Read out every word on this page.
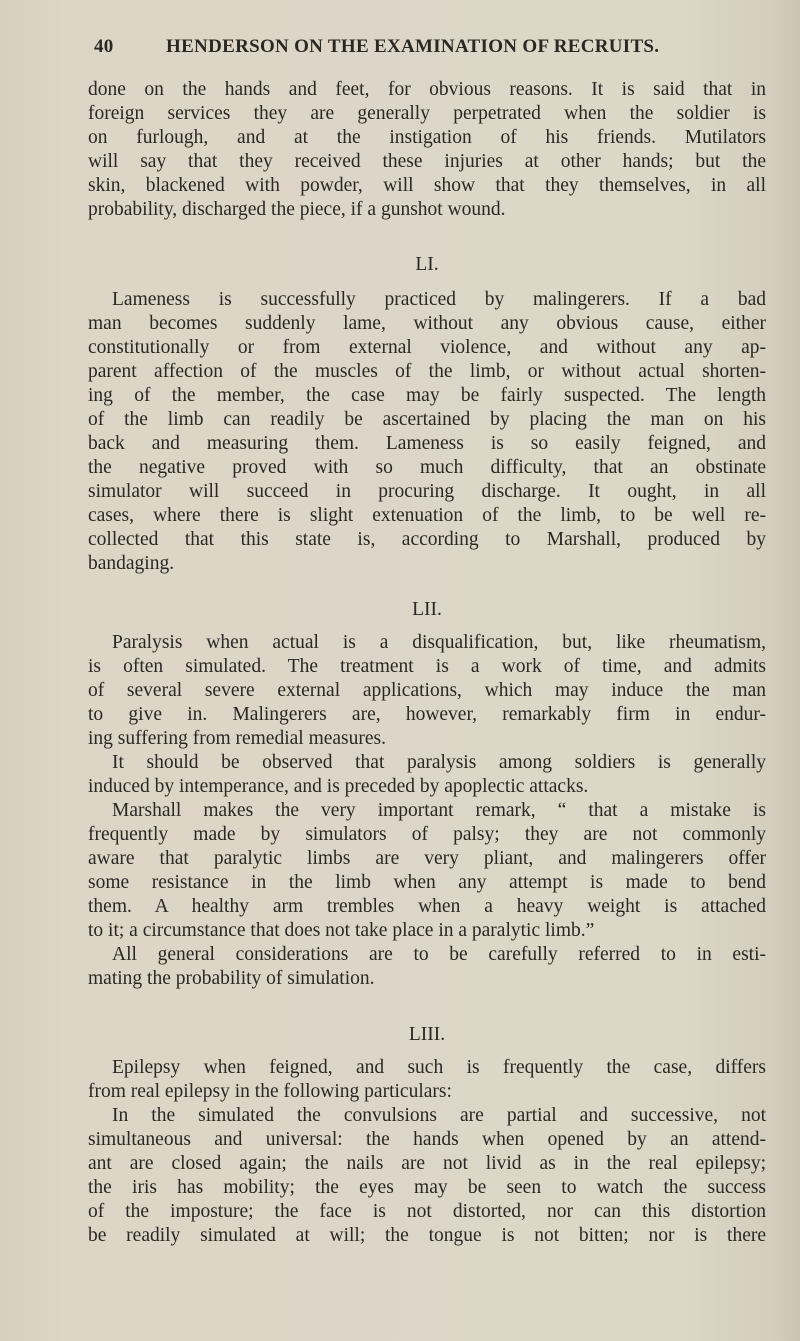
40	HENDERSON ON THE EXAMINATION OF RECRUITS.
done on the hands and feet, for obvious reasons. It is said that in
foreign services they are generally perpetrated when the soldier is
on furlough, and at the instigation of his friends. Mutilators
will say that they received these injuries at other hands; but the
skin, blackened with powder, will show that they themselves, in all
probability, discharged the piece, if a gunshot wound.
LI.
Lameness is successfully practiced by malingerers. If a bad
man becomes suddenly lame, without any obvious cause, either
constitutionally or from external violence, and without any ap-
parent affection of the muscles of the limb, or without actual shorten-
ing of the member, the case may be fairly suspected. The length
of the limb can readily be ascertained by placing the man on his
back and measuring them. Lameness is so easily feigned, and
the negative proved with so much difficulty, that an obstinate
simulator will succeed in procuring discharge. It ought, in all
cases, where there is slight extenuation of the limb, to be well re-
collected that this state is, according to Marshall, produced by
bandaging.
LII.
Paralysis when actual is a disqualification, but, like rheumatism,
is often simulated. The treatment is a work of time, and admits
of several severe external applications, which may induce the man
to give in. Malingerers are, however, remarkably firm in endur-
ing suffering from remedial measures.
It should be observed that paralysis among soldiers is generally
induced by intemperance, and is preceded by apoplectic attacks.
Marshall makes the very important remark, “ that a mistake is
frequently made by simulators of palsy; they are not commonly
aware that paralytic limbs are very pliant, and malingerers offer
some resistance in the limb when any attempt is made to bend
them. A healthy arm trembles when a heavy weight is attached
to it; a circumstance that does not take place in a paralytic limb.”
All general considerations are to be carefully referred to in esti-
mating the probability of simulation.
LIII.
Epilepsy when feigned, and such is frequently the case, differs
from real epilepsy in the following particulars:
In the simulated the convulsions are partial and successive, not
simultaneous and universal: the hands when opened by an attend-
ant are closed again; the nails are not livid as in the real epilepsy;
the iris has mobility; the eyes may be seen to watch the success
of the imposture; the face is not distorted, nor can this distortion
be readily simulated at will; the tongue is not bitten; nor is there
